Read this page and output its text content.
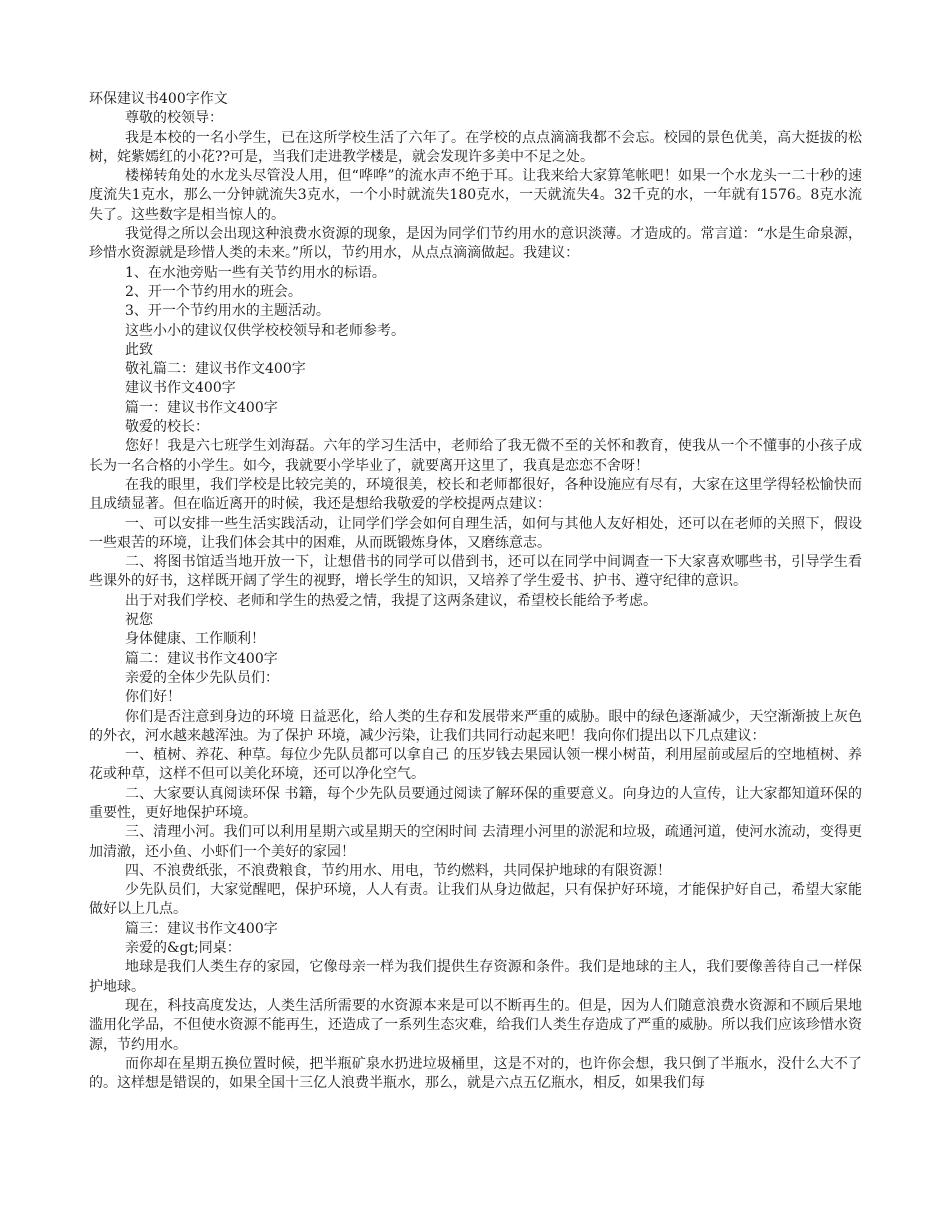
环保建议书400字作文

尊敬的校领导：

我是本校的一名小学生，已在这所学校生活了六年了。在学校的点点滴滴我都不会忘。校园的景色优美，高大挺拔的松树，姹紫嫣红的小花??可是，当我们走进教学楼是，就会发现许多美中不足之处。

楼梯转角处的水龙头尽管没人用，但“哗哗”的流水声不绝于耳。让我来给大家算笔帐吧！如果一个水龙头一二十秒的速度流失1克水，那么一分钟就流失3克水，一个小时就流失180克水，一天就流失4。32千克的水，一年就有1576。8克水流失了。这些数字是相当惊人的。

我觉得之所以会出现这种浪费水资源的现象，是因为同学们节约用水的意识淡薄。才造成的。常言道：“水是生命泉源，珍惜水资源就是珍惜人类的未来。”所以，节约用水，从点点滴滴做起。我建议：

1、在水池旁贴一些有关节约用水的标语。

2、开一个节约用水的班会。

3、开一个节约用水的主题活动。

这些小小的建议仅供学校校领导和老师参考。

此致

敬礼篇二：建议书作文400字

建议书作文400字

篇一：建议书作文400字

敬爱的校长：

您好！我是六七班学生刘海磊。六年的学习生活中，老师给了我无微不至的关怀和教育，使我从一个不懂事的小孩子成长为一名合格的小学生。如今，我就要小学毕业了，就要离开这里了，我真是恋恋不舍呀！

在我的眼里，我们学校是比较完美的，环境很美，校长和老师都很好，各种设施应有尽有，大家在这里学得轻松愉快而且成绩显著。但在临近离开的时候，我还是想给我敬爱的学校提两点建议：

一、可以安排一些生活实践活动，让同学们学会如何自理生活，如何与其他人友好相处，还可以在老师的关照下，假设一些艰苦的环境，让我们体会其中的困难，从而既锻炼身体，又磨练意志。

二、将图书馆适当地开放一下，让想借书的同学可以借到书，还可以在同学中间调查一下大家喜欢哪些书，引导学生看些课外的好书，这样既开阔了学生的视野，增长学生的知识，又培养了学生爱书、护书、遵守纪律的意识。

出于对我们学校、老师和学生的热爱之情，我提了这两条建议，希望校长能给予考虑。

祝您

身体健康、工作顺利！

篇二：建议书作文400字

亲爱的全体少先队员们：

你们好！

你们是否注意到身边的环境 日益恶化，给人类的生存和发展带来严重的威胁。眼中的绿色逐渐减少，天空渐渐披上灰色的外衣，河水越来越浑浊。为了保护 环境，减少污染，让我们共同行动起来吧！我向你们提出以下几点建议：

一、植树、养花、种草。每位少先队员都可以拿自己 的压岁钱去果园认领一棵小树苗，利用屋前或屋后的空地植树、养花或种草，这样不但可以美化环境，还可以净化空气。

二、大家要认真阅读环保 书籍，每个少先队员要通过阅读了解环保的重要意义。向身边的人宣传，让大家都知道环保的重要性，更好地保护环境。

三、清理小河。我们可以利用星期六或星期天的空闲时间 去清理小河里的淤泥和垃圾，疏通河道，使河水流动，变得更加清澈，还小鱼、小虾们一个美好的家园！

四、不浪费纸张，不浪费粮食，节约用水、用电，节约燃料，共同保护地球的有限资源！

少先队员们，大家觉醒吧，保护环境，人人有责。让我们从身边做起，只有保护好环境，才能保护好自己，希望大家能做好以上几点。

篇三：建议书作文400字

亲爱的&gt;同桌：

地球是我们人类生存的家园，它像母亲一样为我们提供生存资源和条件。我们是地球的主人，我们要像善待自己一样保护地球。

现在，科技高度发达，人类生活所需要的水资源本来是可以不断再生的。但是，因为人们随意浪费水资源和不顾后果地滥用化学品，不但使水资源不能再生，还造成了一系列生态灾难，给我们人类生存造成了严重的威胁。所以我们应该珍惜水资源，节约用水。

而你却在星期五换位置时候，把半瓶矿泉水扔进垃圾桶里，这是不对的，也许你会想，我只倒了半瓶水，没什么大不了的。这样想是错误的，如果全国十三亿人浪费半瓶水，那么，就是六点五亿瓶水，相反，如果我们每
